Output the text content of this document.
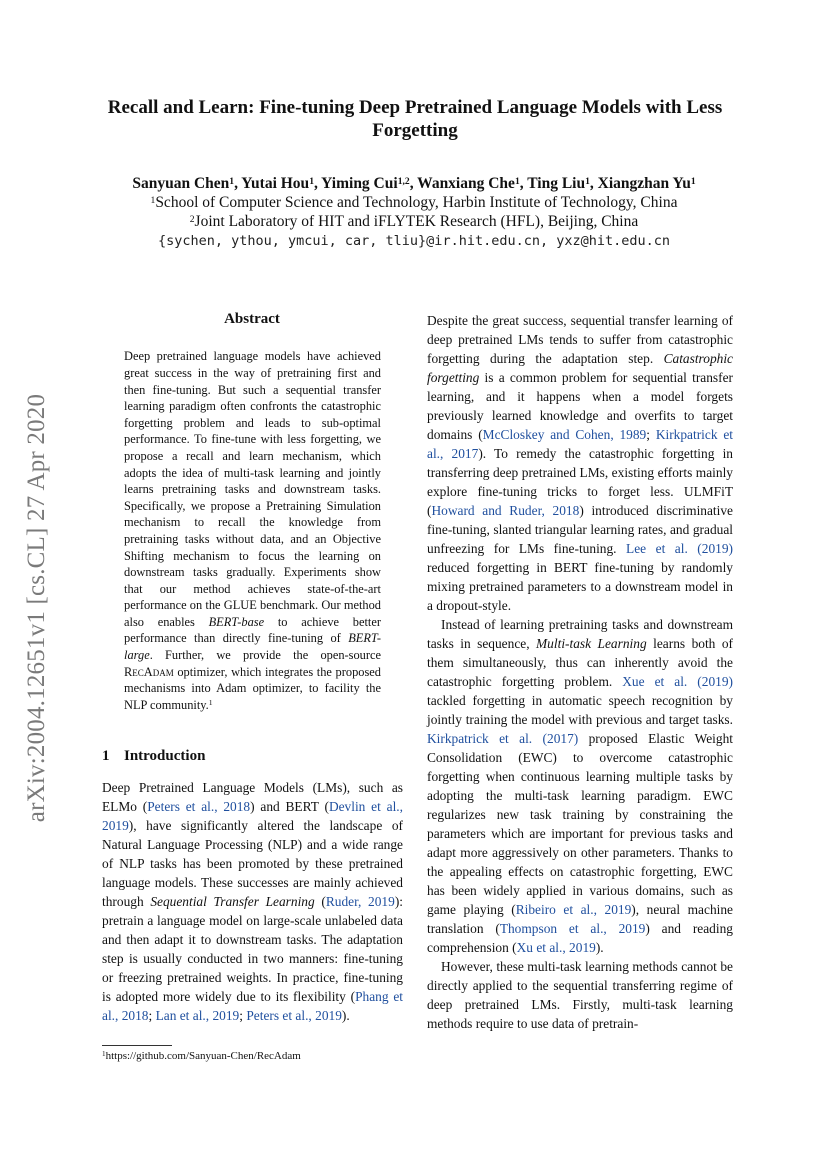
arXiv:2004.12651v1 [cs.CL] 27 Apr 2020
Recall and Learn: Fine-tuning Deep Pretrained Language Models with Less Forgetting
Sanyuan Chen$^1$, Yutai Hou$^1$, Yiming Cui$^{1,2}$, Wanxiang Che$^1$, Ting Liu$^1$, Xiangzhan Yu$^1$
$^1$School of Computer Science and Technology, Harbin Institute of Technology, China
$^2$Joint Laboratory of HIT and iFLYTEK Research (HFL), Beijing, China
{sychen, ythou, ymcui, car, tliu}@ir.hit.edu.cn, yxz@hit.edu.cn
Abstract

Deep pretrained language models have achieved great success in the way of pretraining first and then fine-tuning. But such a sequential transfer learning paradigm often confronts the catastrophic forgetting problem and leads to sub-optimal performance. To fine-tune with less forgetting, we propose a recall and learn mechanism, which adopts the idea of multi-task learning and jointly learns pretraining tasks and downstream tasks. Specifically, we propose a Pretraining Simulation mechanism to recall the knowledge from pretraining tasks without data, and an Objective Shifting mechanism to focus the learning on downstream tasks gradually. Experiments show that our method achieves state-of-the-art performance on the GLUE benchmark. Our method also enables BERT-base to achieve better performance than directly fine-tuning of BERT-large. Further, we provide the open-source RecAdam optimizer, which integrates the proposed mechanisms into Adam optimizer, to facility the NLP community.$^1$

1 Introduction

Deep Pretrained Language Models (LMs), such as ELMo (Peters et al., 2018) and BERT (Devlin et al., 2019), have significantly altered the landscape of Natural Language Processing (NLP) and a wide range of NLP tasks has been promoted by these pretrained language models. These successes are mainly achieved through Sequential Transfer Learning (Ruder, 2019): pretrain a language model on large-scale unlabeled data and then adapt it to downstream tasks. The adaptation step is usually conducted in two manners: fine-tuning or freezing pretrained weights. In practice, fine-tuning is adopted more widely due to its flexibility (Phang et al., 2018; Lan et al., 2019; Peters et al., 2019).

$^1$https://github.com/Sanyuan-Chen/RecAdam

Despite the great success, sequential transfer learning of deep pretrained LMs tends to suffer from catastrophic forgetting during the adaptation step. Catastrophic forgetting is a common problem for sequential transfer learning, and it happens when a model forgets previously learned knowledge and overfits to target domains (McCloskey and Cohen, 1989; Kirkpatrick et al., 2017). To remedy the catastrophic forgetting in transferring deep pretrained LMs, existing efforts mainly explore fine-tuning tricks to forget less. ULMFiT (Howard and Ruder, 2018) introduced discriminative fine-tuning, slanted triangular learning rates, and gradual unfreezing for LMs fine-tuning. Lee et al. (2019) reduced forgetting in BERT fine-tuning by randomly mixing pretrained parameters to a downstream model in a dropout-style.

Instead of learning pretraining tasks and downstream tasks in sequence, Multi-task Learning learns both of them simultaneously, thus can inherently avoid the catastrophic forgetting problem. Xue et al. (2019) tackled forgetting in automatic speech recognition by jointly training the model with previous and target tasks. Kirkpatrick et al. (2017) proposed Elastic Weight Consolidation (EWC) to overcome catastrophic forgetting when continuous learning multiple tasks by adopting the multi-task learning paradigm. EWC regularizes new task training by constraining the parameters which are important for previous tasks and adapt more aggressively on other parameters. Thanks to the appealing effects on catastrophic forgetting, EWC has been widely applied in various domains, such as game playing (Ribeiro et al., 2019), neural machine translation (Thompson et al., 2019) and reading comprehension (Xu et al., 2019).

However, these multi-task learning methods cannot be directly applied to the sequential transferring regime of deep pretrained LMs. Firstly, multi-task learning methods require to use data of pretrain-
